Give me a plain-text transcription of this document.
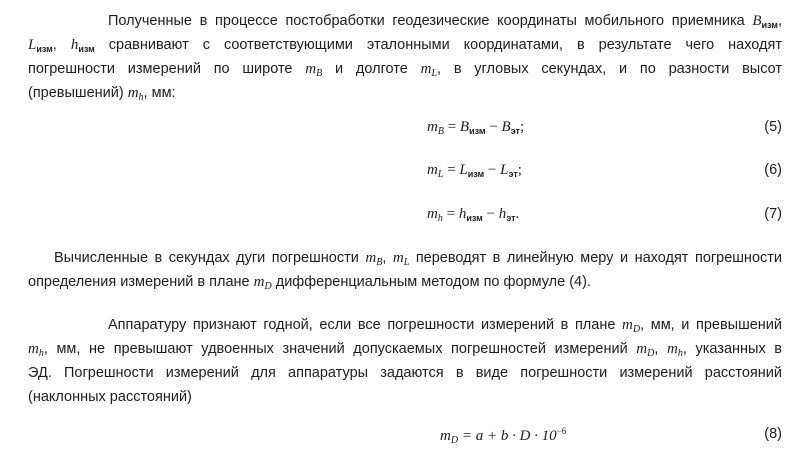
Полученные в процессе постобработки геодезические координаты мобильного приемника $B_{изм}$,
$L_{изм}$, $h_{изм}$ сравнивают с соответствующими эталонными координатами, в результате чего находят
погрешности измерений по широте $m_B$ и долготе $m_L$, в угловых секундах, и по разности высот
(превышений) $m_h$, мм:
$m_B = B_{изм} - B_{эт}$;	(5)
$m_L = L_{изм} - L_{эт}$;	(6)
$m_h = h_{изм} - h_{эт}$.	(7)
Вычисленные в секундах дуги погрешности $m_B$, $m_L$ переводят в линейную меру и находят погрешности
определения измерений в плане $m_D$ дифференциальным методом по формуле (4).
Аппаратуру признают годной, если все погрешности измерений в плане $m_D$, мм, и превышений
$m_h$, мм, не превышают удвоенных значений допускаемых погрешностей измерений $m_D$, $m_h$, указанных в
ЭД. Погрешности измерений для аппаратуры задаются в виде погрешности измерений расстояний
(наклонных расстояний)
$m_D = a + b \cdot D \cdot 10^{-6}$	(8)
